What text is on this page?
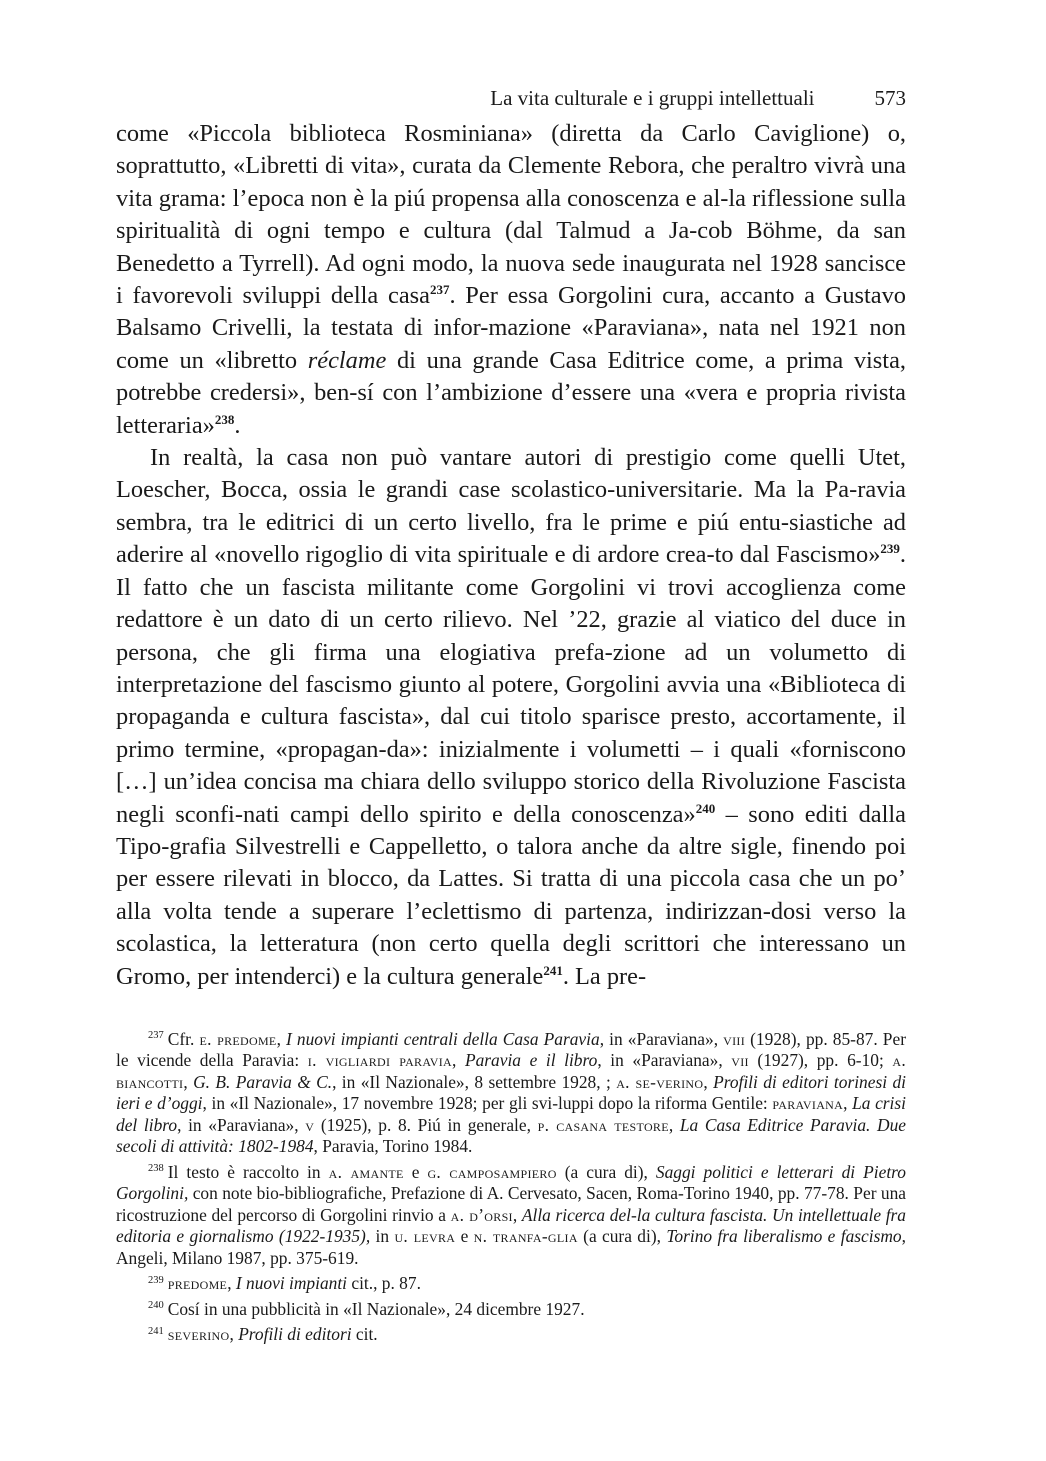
La vita culturale e i gruppi intellettuali	573

come «Piccola biblioteca Rosminiana» (diretta da Carlo Caviglione) o, soprattutto, «Libretti di vita», curata da Clemente Rebora, che peraltro vivrà una vita grama: l’epoca non è la piú propensa alla conoscenza e al-la riflessione sulla spiritualità di ogni tempo e cultura (dal Talmud a Ja-cob Böhme, da san Benedetto a Tyrrell). Ad ogni modo, la nuova sede inaugurata nel 1928 sancisce i favorevoli sviluppi della casa$^{237}$. Per essa Gorgolini cura, accanto a Gustavo Balsamo Crivelli, la testata di infor-mazione «Paraviana», nata nel 1921 non come un «libretto réclame di una grande Casa Editrice come, a prima vista, potrebbe credersi», ben-sí con l’ambizione d’essere una «vera e propria rivista letteraria»$^{238}$.

In realtà, la casa non può vantare autori di prestigio come quelli Utet, Loescher, Bocca, ossia le grandi case scolastico-universitarie. Ma la Pa-ravia sembra, tra le editrici di un certo livello, fra le prime e piú entu-siastiche ad aderire al «novello rigoglio di vita spirituale e di ardore crea-to dal Fascismo»$^{239}$. Il fatto che un fascista militante come Gorgolini vi trovi accoglienza come redattore è un dato di un certo rilievo. Nel ’22, grazie al viatico del duce in persona, che gli firma una elogiativa prefa-zione ad un volumetto di interpretazione del fascismo giunto al potere, Gorgolini avvia una «Biblioteca di propaganda e cultura fascista», dal cui titolo sparisce presto, accortamente, il primo termine, «propagan-da»: inizialmente i volumetti – i quali «forniscono […] un’idea concisa ma chiara dello sviluppo storico della Rivoluzione Fascista negli sconfi-nati campi dello spirito e della conoscenza»$^{240}$ – sono editi dalla Tipo-grafia Silvestrelli e Cappelletto, o talora anche da altre sigle, finendo poi per essere rilevati in blocco, da Lattes. Si tratta di una piccola casa che un po’ alla volta tende a superare l’eclettismo di partenza, indirizzan-dosi verso la scolastica, la letteratura (non certo quella degli scrittori che interessano un Gromo, per intenderci) e la cultura generale$^{241}$. La pre-

$^{237}$ Cfr. e. predome, I nuovi impianti centrali della Casa Paravia, in «Paraviana», viii (1928), pp. 85-87. Per le vicende della Paravia: i. vigliardi paravia, Paravia e il libro, in «Paraviana», vii (1927), pp. 6-10; a. biancotti, G. B. Paravia & C., in «Il Nazionale», 8 settembre 1928, ; a. se-verino, Profili di editori torinesi di ieri e d’oggi, in «Il Nazionale», 17 novembre 1928; per gli svi-luppi dopo la riforma Gentile: paraviana, La crisi del libro, in «Paraviana», v (1925), p. 8. Piú in generale, p. casana testore, La Casa Editrice Paravia. Due secoli di attività: 1802-1984, Paravia, Torino 1984.

$^{238}$ Il testo è raccolto in a. amante e g. camposampiero (a cura di), Saggi politici e letterari di Pietro Gorgolini, con note bio-bibliografiche, Prefazione di A. Cervesato, Sacen, Roma-Torino 1940, pp. 77-78. Per una ricostruzione del percorso di Gorgolini rinvio a a. d’orsi, Alla ricerca del-la cultura fascista. Un intellettuale fra editoria e giornalismo (1922-1935), in u. levra e n. tranfa-glia (a cura di), Torino fra liberalismo e fascismo, Angeli, Milano 1987, pp. 375-619.

$^{239}$ predome, I nuovi impianti cit., p. 87.

$^{240}$ Cosí in una pubblicità in «Il Nazionale», 24 dicembre 1927.

$^{241}$ severino, Profili di editori cit.
